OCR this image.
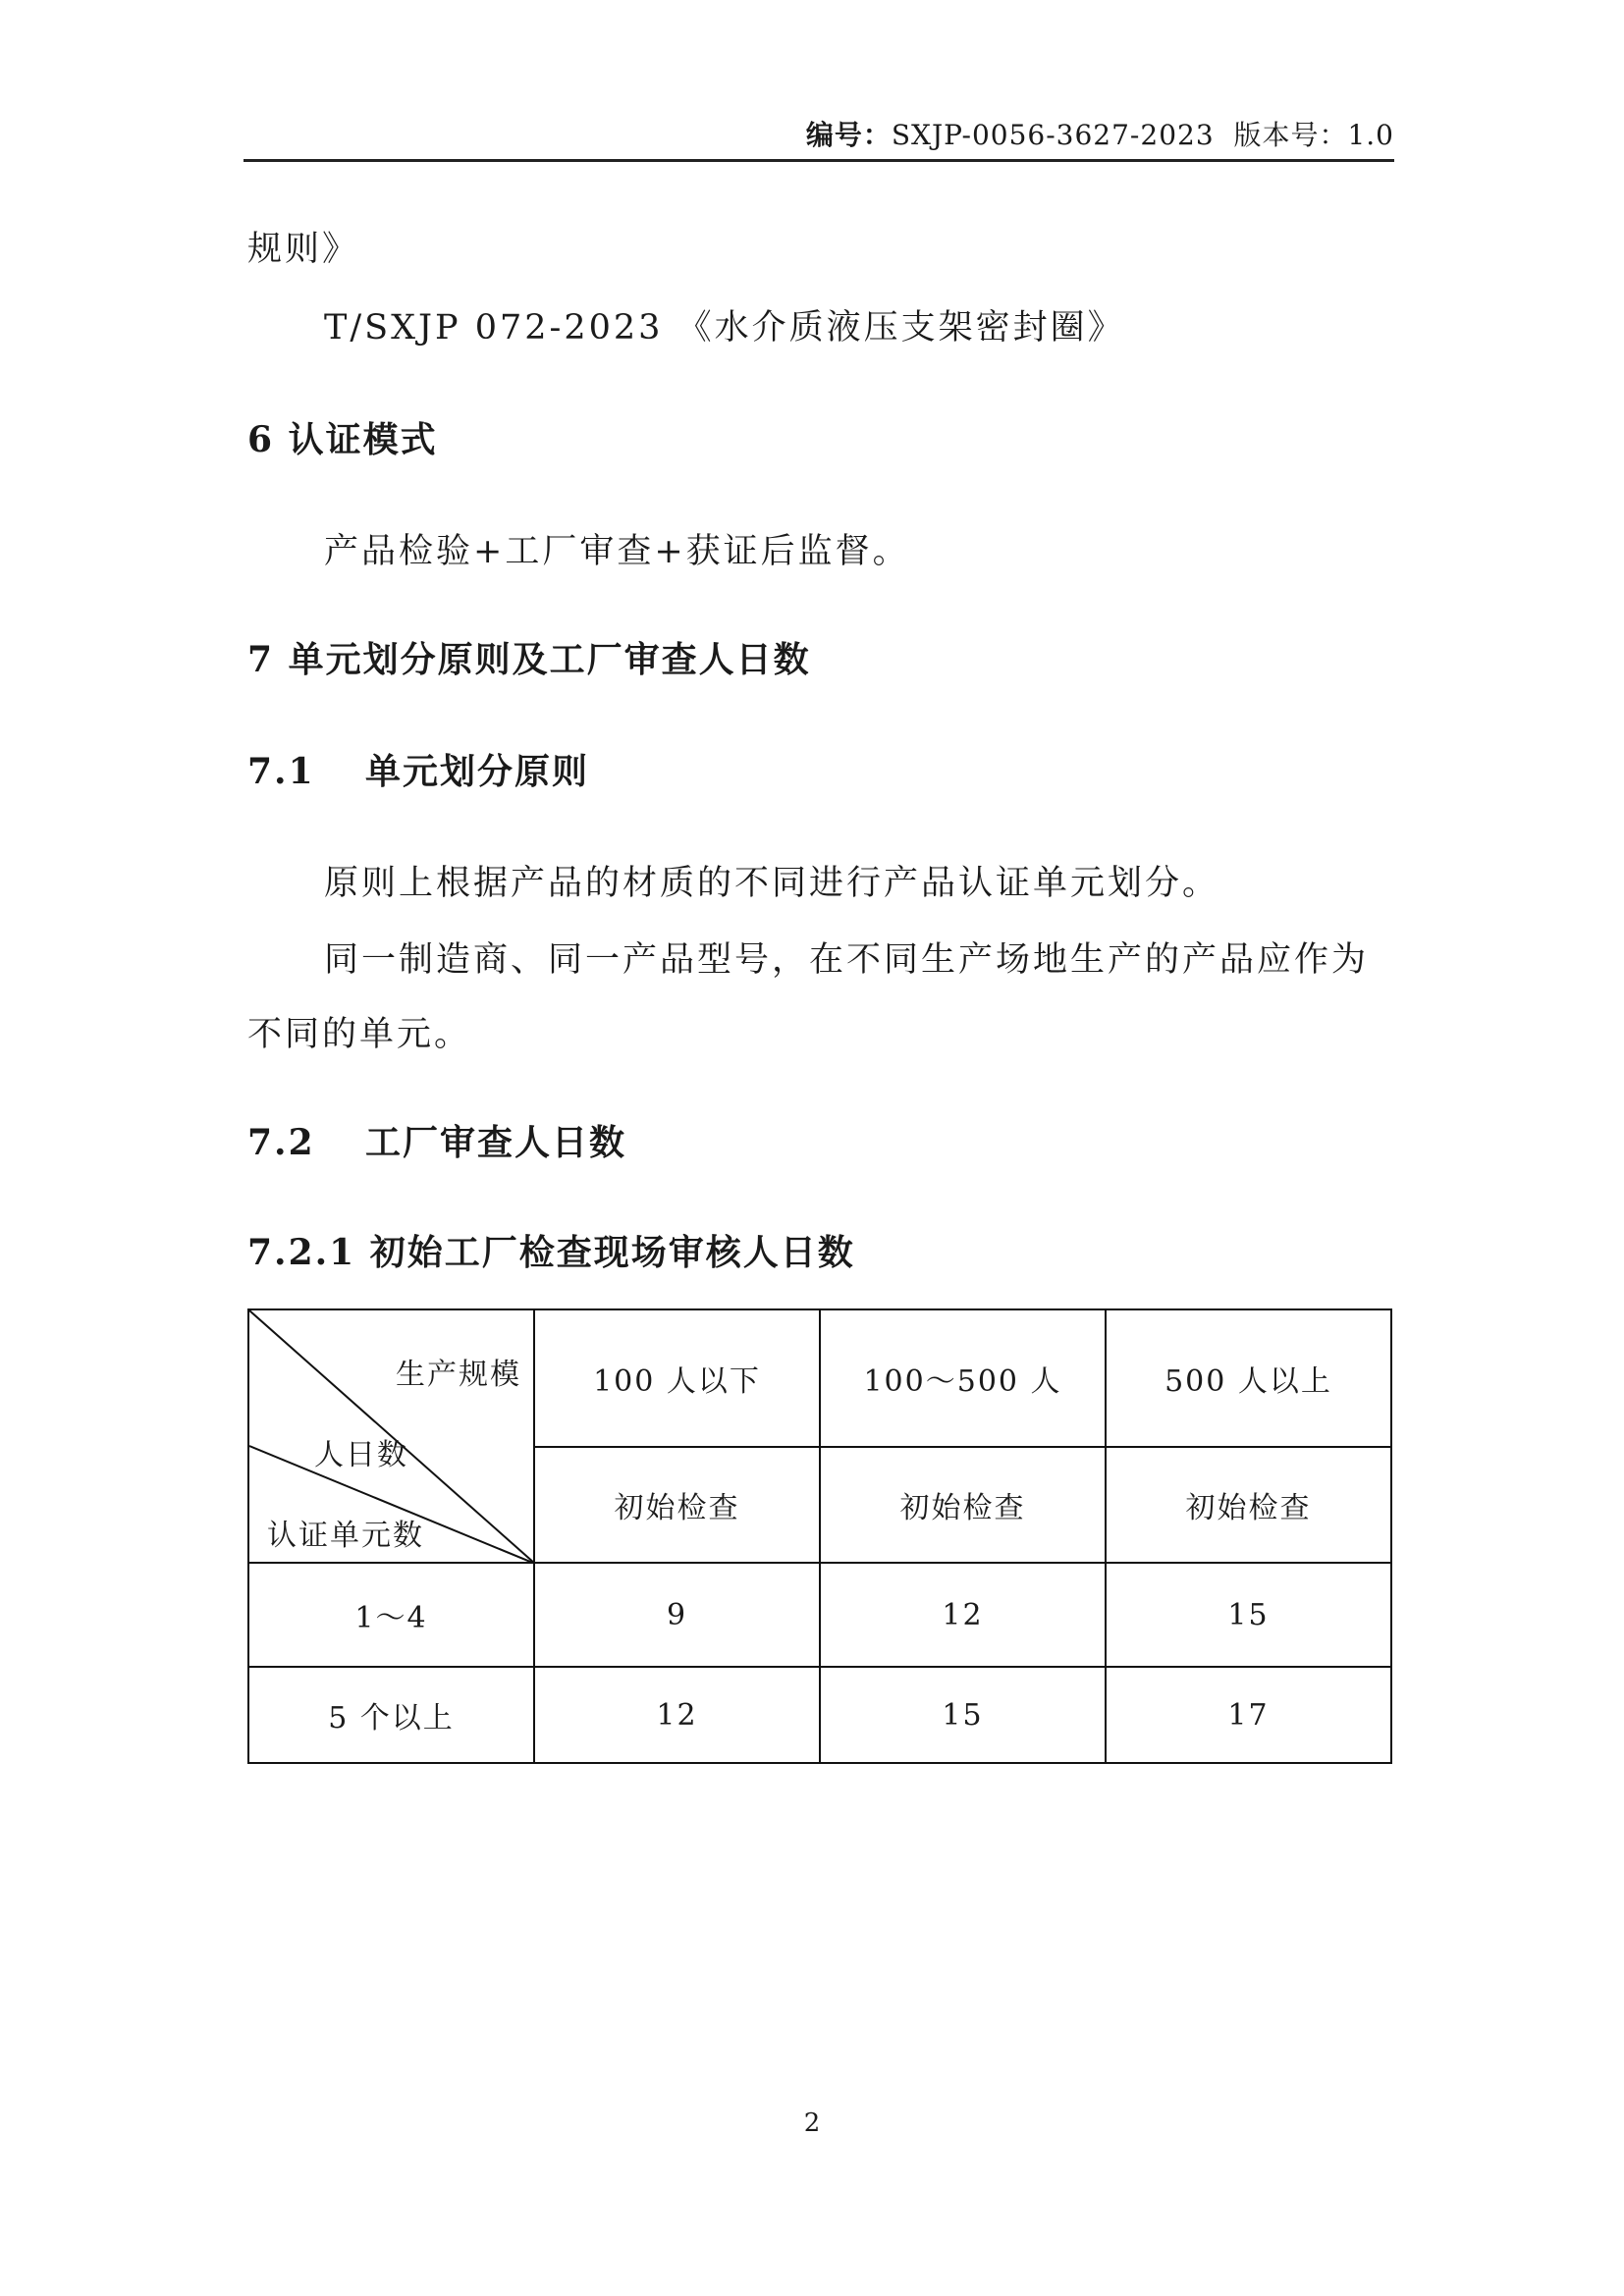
编号：SXJP-0056-3627-2023 版本号：1.0
规则》
T/SXJP 072-2023 《水介质液压支架密封圈》
6 认证模式
产品检验+工厂审查+获证后监督。
7 单元划分原则及工厂审查人日数
7.1 单元划分原则
原则上根据产品的材质的不同进行产品认证单元划分。
同一制造商、同一产品型号，在不同生产场地生产的产品应作为
不同的单元。
7.2 工厂审查人日数
7.2.1 初始工厂检查现场审核人日数
生产规模
人日数
认证单元数	100 人以下	100～500 人	500 人以上
	初始检查	初始检查	初始检查
1～4	9	12	15
5 个以上	12	15	17
2
